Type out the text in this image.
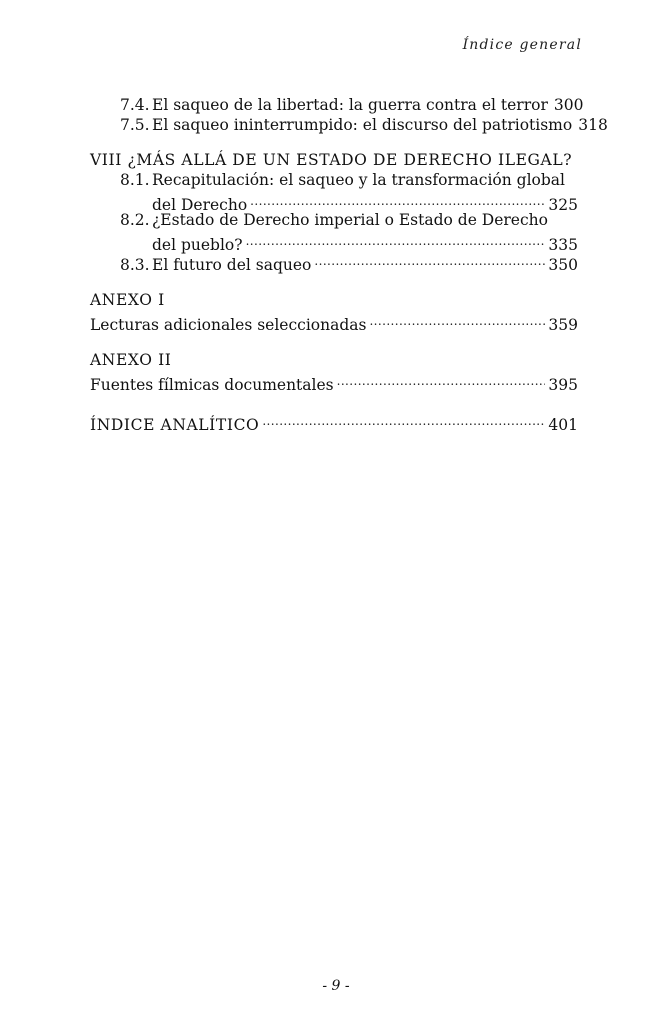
Índice general
7.4. El saqueo de la libertad: la guerra contra el terror 300
7.5. El saqueo ininterrumpido: el discurso del patriotismo 318
VIII ¿MÁS ALLÁ DE UN ESTADO DE DERECHO ILEGAL?
8.1. Recapitulación: el saqueo y la transformación global
del Derecho .....	325
8.2. ¿Estado de Derecho imperial o Estado de Derecho
del pueblo? .....	335
8.3. El futuro del saqueo .....	350
ANEXO I
Lecturas adicionales seleccionadas .....	359
ANEXO II
Fuentes fílmicas documentales .....	395
ÍNDICE ANALÍTICO .....	401
- 9 -
